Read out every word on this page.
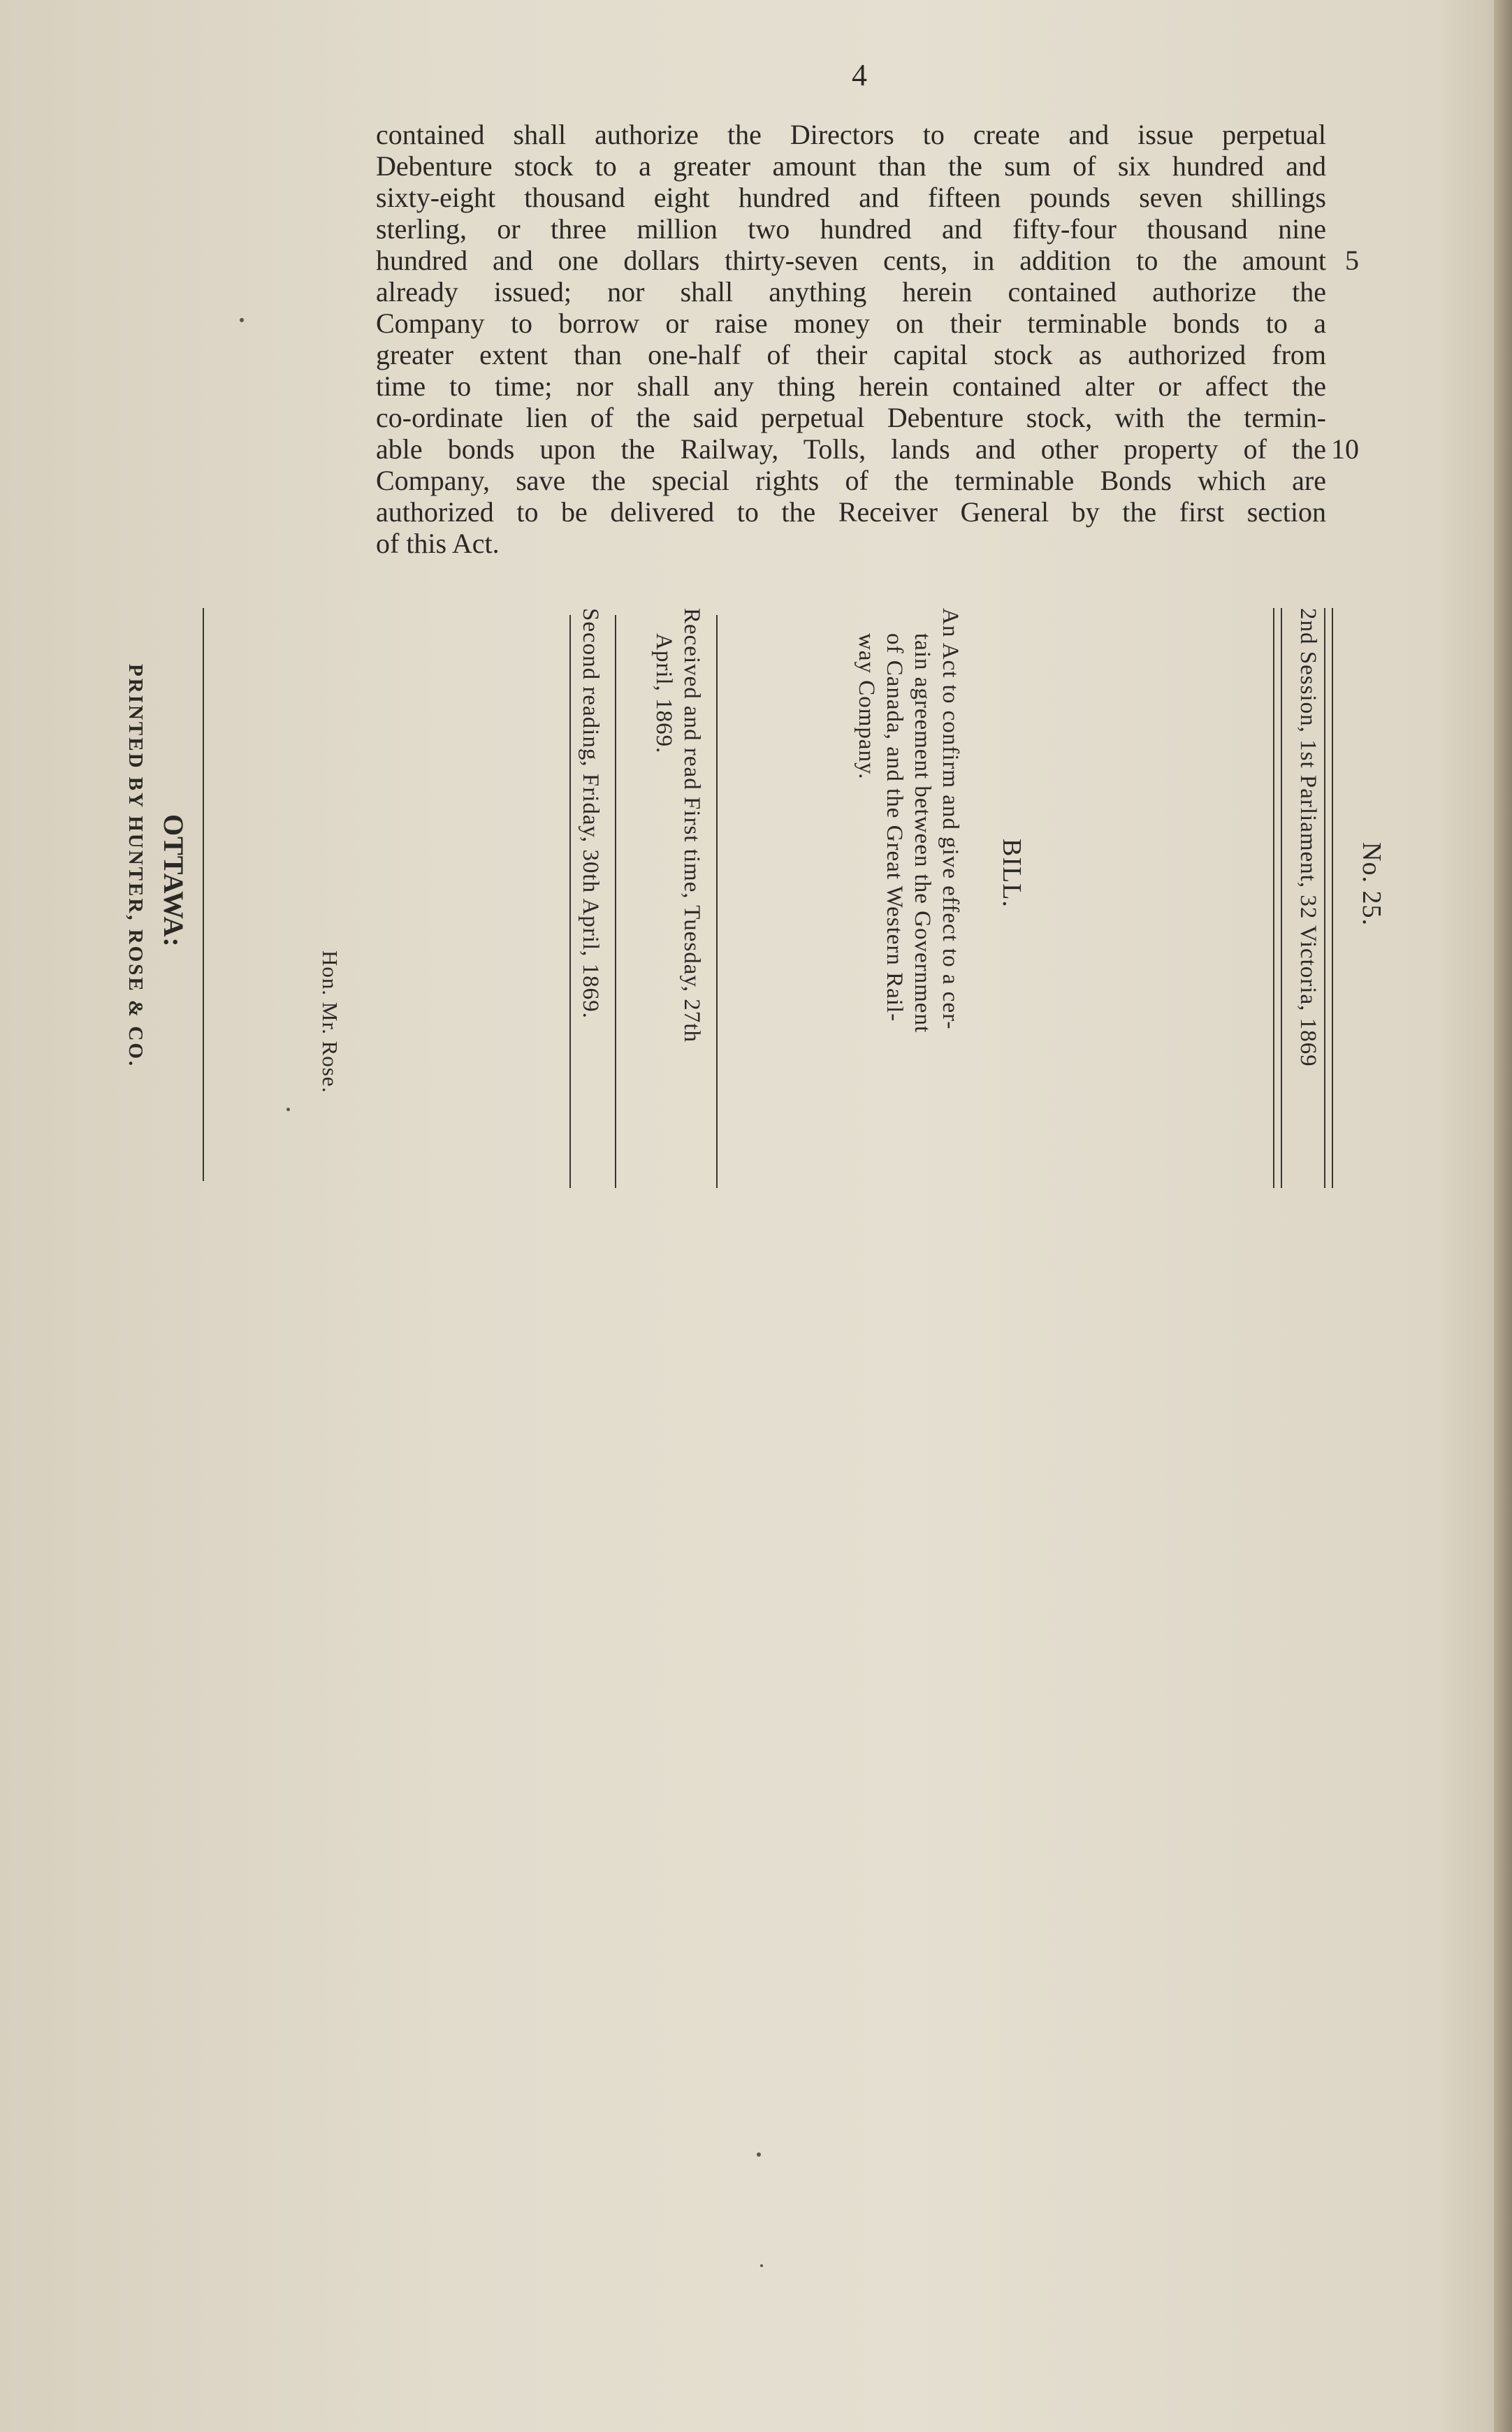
4
contained shall authorize the Directors to create and issue perpetual
Debenture stock to a greater amount than the sum of six hundred and
sixty-eight thousand eight hundred and fifteen pounds seven shillings
sterling, or three million two hundred and fifty-four thousand nine
hundred and one dollars thirty-seven cents, in addition to the amount
already issued; nor shall anything herein contained authorize the
Company to borrow or raise money on their terminable bonds to a
greater extent than one-half of their capital stock as authorized from
time to time; nor shall any thing herein contained alter or affect the
co-ordinate lien of the said perpetual Debenture stock, with the termin-
able bonds upon the Railway, Tolls, lands and other property of the
Company, save the special rights of the terminable Bonds which are
authorized to be delivered to the Receiver General by the first section
of this Act.
5
10
No. 25.
2nd Session, 1st Parliament, 32 Victoria, 1869
BILL.
An Act to confirm and give effect to a cer-
tain agreement between the Government
of Canada, and the Great Western Rail-
way Company.
Received and read First time, Tuesday, 27th
April, 1869.
Second reading, Friday, 30th April, 1869.
Hon. Mr. Rose.
OTTAWA:
PRINTED BY HUNTER, ROSE & CO.
